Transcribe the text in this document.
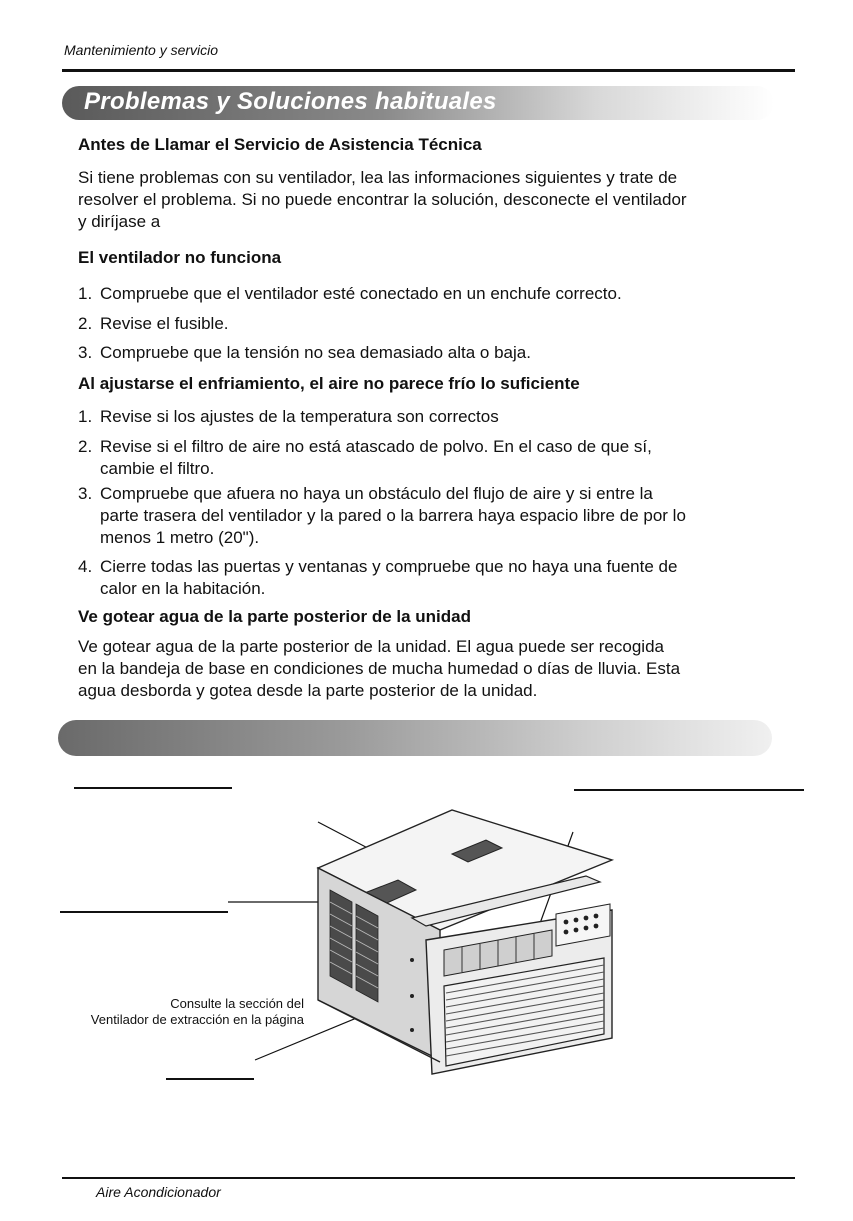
Mantenimiento y servicio
Problemas y Soluciones habituales
Antes de Llamar el Servicio de Asistencia Técnica
Si tiene problemas con su ventilador, lea las informaciones siguientes y trate de
resolver el problema. Si no puede encontrar la solución, desconecte el ventilador
y diríjase a
El ventilador no funciona
1. Compruebe que el ventilador esté conectado en un enchufe correcto.
2. Revise el fusible.
3. Compruebe que la tensión no sea demasiado alta o baja.
Al ajustarse el enfriamiento, el aire no parece frío lo suficiente
1. Revise si los ajustes de la temperatura son correctos
2. Revise si el filtro de aire no está atascado de polvo. En el caso de que sí,
cambie el filtro.
3. Compruebe que afuera no haya un obstáculo del flujo de aire y si entre la
parte trasera del ventilador y la pared o la barrera haya espacio libre de por lo
menos 1 metro (20").
4. Cierre todas las puertas y ventanas y compruebe que no haya una fuente de
calor en la habitación.
Ve gotear agua de la parte posterior de la unidad
Ve gotear agua de la parte posterior de la unidad. El agua puede ser recogida
en la bandeja de base en condiciones de mucha humedad o días de lluvia. Esta
agua desborda y gotea desde la parte posterior de la unidad.
Consulte la sección del
Ventilador de extracción en la página
Aire Acondicionador
